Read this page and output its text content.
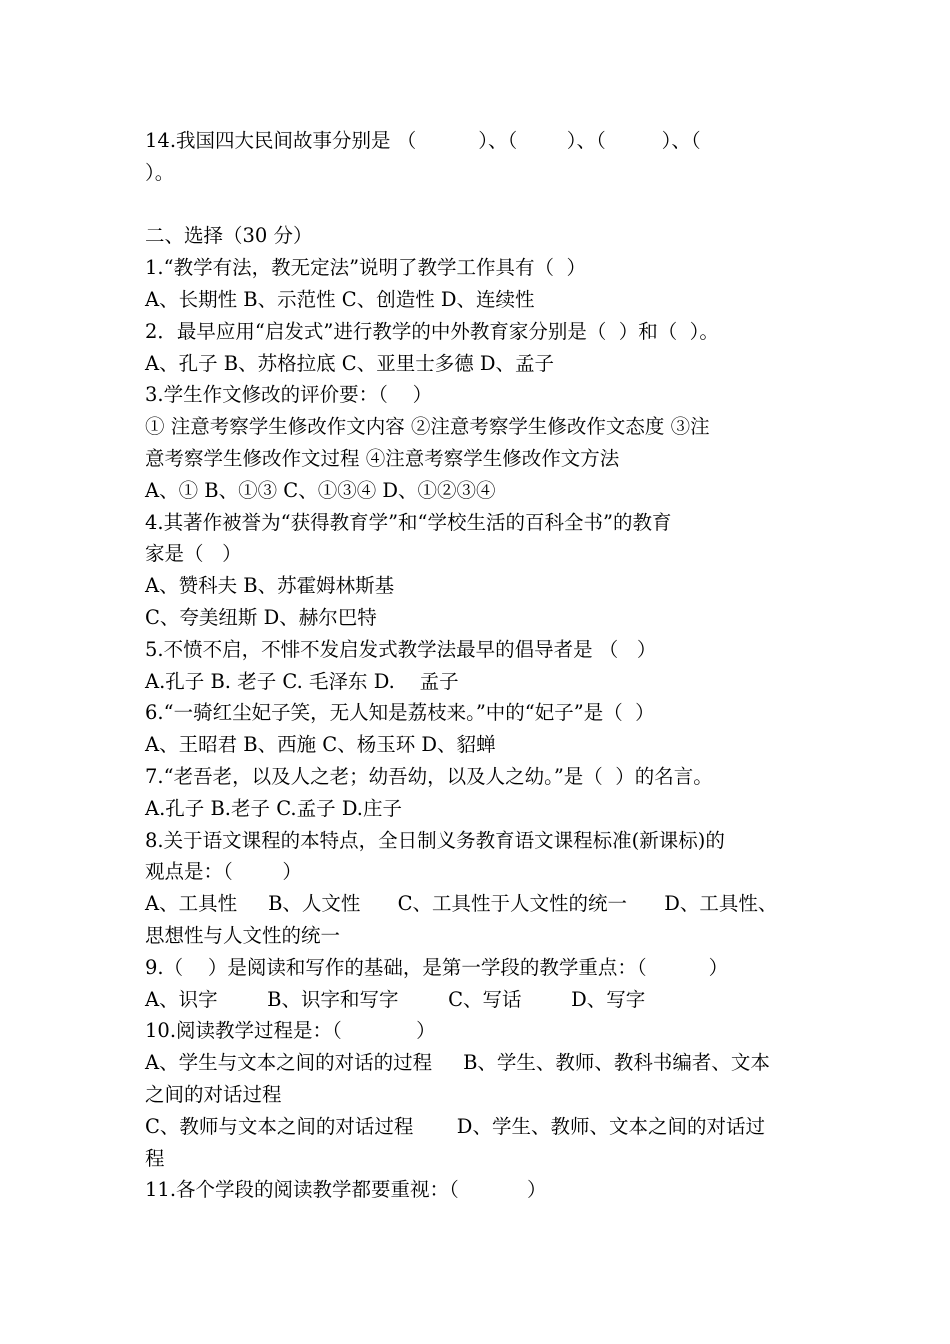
14.我国四大民间故事分别是 （          ）、（        ）、（         ）、（
）。
二、选择（30 分）
1.“教学有法，教无定法”说明了教学工作具有（  ）
A、长期性 B、示范性 C、创造性 D、连续性
2．最早应用“启发式”进行教学的中外教育家分别是（  ）和（  ）。
A、孔子 B、苏格拉底 C、亚里士多德 D、孟子
3.学生作文修改的评价要：（    ）
① 注意考察学生修改作文内容 ②注意考察学生修改作文态度 ③注
意考察学生修改作文过程 ④注意考察学生修改作文方法
A、① B、①③ C、①③④ D、①②③④
4.其著作被誉为“获得教育学”和“学校生活的百科全书”的教育
家是（   ）
A、赞科夫 B、苏霍姆林斯基
C、夸美纽斯 D、赫尔巴特
5.不愤不启，不悱不发启发式教学法最早的倡导者是 （   ）
A.孔子 B. 老子 C. 毛泽东 D.    孟子
6.“一骑红尘妃子笑，无人知是荔枝来。”中的“妃子”是（  ）
A、王昭君 B、西施 C、杨玉环 D、貂蝉
7.“老吾老，以及人之老；幼吾幼，以及人之幼。”是（  ）的名言。
A.孔子 B.老子 C.孟子 D.庄子
8.关于语文课程的本特点，全日制义务教育语文课程标准(新课标)的
观点是：（        ）
A、工具性     B、人文性      C、工具性于人文性的统一      D、工具性、
思想性与人文性的统一
9.（    ）是阅读和写作的基础，是第一学段的教学重点：（          ）
A、识字        B、识字和写字        C、写话        D、写字
10.阅读教学过程是：（            ）
A、学生与文本之间的对话的过程     B、学生、教师、教科书编者、文本
之间的对话过程
C、教师与文本之间的对话过程       D、学生、教师、文本之间的对话过
程
11.各个学段的阅读教学都要重视：（           ）
